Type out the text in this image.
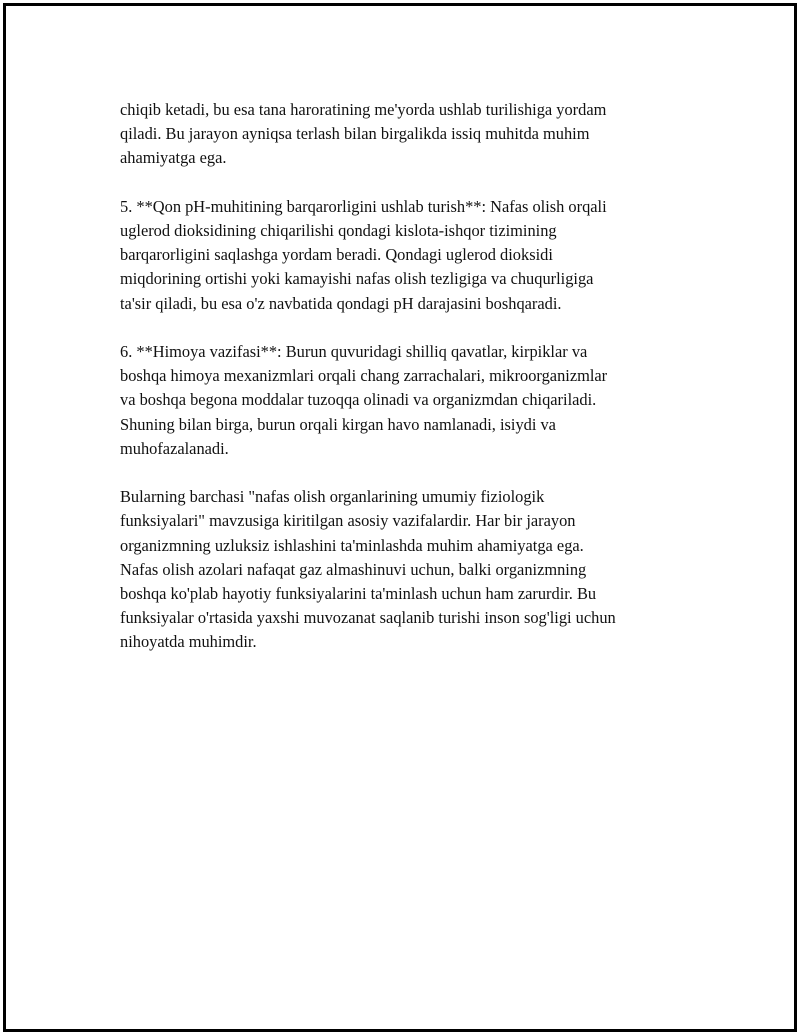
chiqib ketadi, bu esa tana haroratining me'yorda ushlab turilishiga yordam
qiladi. Bu jarayon ayniqsa terlash bilan birgalikda issiq muhitda muhim
ahamiyatga ega.

5. **Qon pH-muhitining barqarorligini ushlab turish**: Nafas olish orqali
uglerod dioksidining chiqarilishi qondagi kislota-ishqor tizimining
barqarorligini saqlashga yordam beradi. Qondagi uglerod dioksidi
miqdorining ortishi yoki kamayishi nafas olish tezligiga va chuqurligiga
ta'sir qiladi, bu esa o'z navbatida qondagi pH darajasini boshqaradi.

6. **Himoya vazifasi**: Burun quvuridagi shilliq qavatlar, kirpiklar va
boshqa himoya mexanizmlari orqali chang zarrachalari, mikroorganizmlar
va boshqa begona moddalar tuzoqqa olinadi va organizmdan chiqariladi.
Shuning bilan birga, burun orqali kirgan havo namlanadi, isiydi va
muhofazalanadi.

Bularning barchasi "nafas olish organlarining umumiy fiziologik
funksiyalari" mavzusiga kiritilgan asosiy vazifalardir. Har bir jarayon
organizmning uzluksiz ishlashini ta'minlashda muhim ahamiyatga ega.
Nafas olish azolari nafaqat gaz almashinuvi uchun, balki organizmning
boshqa ko'plab hayotiy funksiyalarini ta'minlash uchun ham zarurdir. Bu
funksiyalar o'rtasida yaxshi muvozanat saqlanib turishi inson sog'ligi uchun
nihoyatda muhimdir.
